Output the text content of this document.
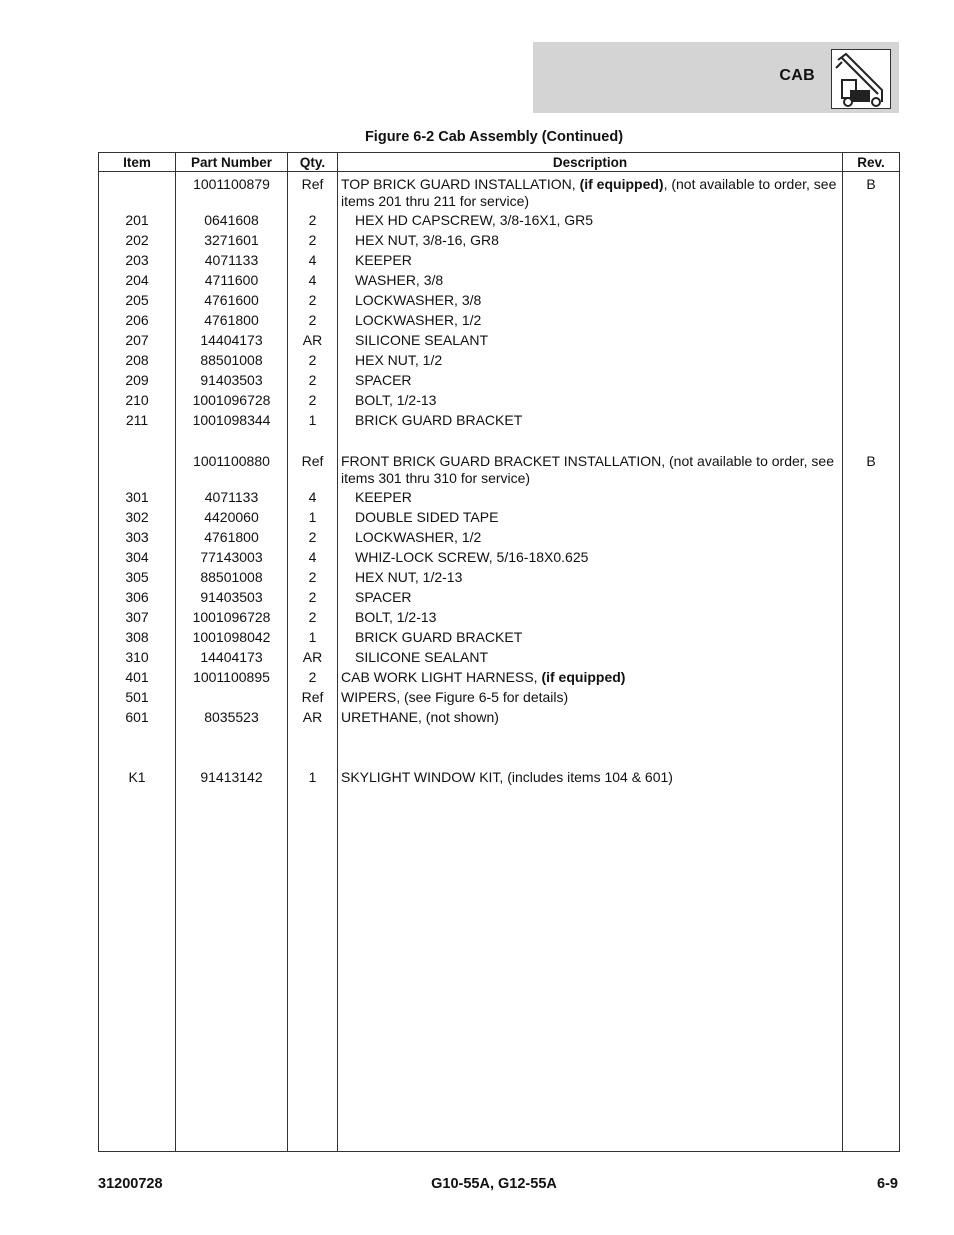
CAB
Figure 6-2 Cab Assembly (Continued)
Item	Part Number	Qty.	Description	Rev.
	1001100879	Ref	TOP BRICK GUARD INSTALLATION, (if equipped), (not available to order, see items 201 thru 211 for service)	B
201	0641608	2	HEX HD CAPSCREW, 3/8-16X1, GR5	
202	3271601	2	HEX NUT, 3/8-16, GR8	
203	4071133	4	KEEPER	
204	4711600	4	WASHER, 3/8	
205	4761600	2	LOCKWASHER, 3/8	
206	4761800	2	LOCKWASHER, 1/2	
207	14404173	AR	SILICONE SEALANT	
208	88501008	2	HEX NUT, 1/2	
209	91403503	2	SPACER	
210	1001096728	2	BOLT, 1/2-13	
211	1001098344	1	BRICK GUARD BRACKET	

	1001100880	Ref	FRONT BRICK GUARD BRACKET INSTALLATION, (not available to order, see items 301 thru 310 for service)	B
301	4071133	4	KEEPER	
302	4420060	1	DOUBLE SIDED TAPE	
303	4761800	2	LOCKWASHER, 1/2	
304	77143003	4	WHIZ-LOCK SCREW, 5/16-18X0.625	
305	88501008	2	HEX NUT, 1/2-13	
306	91403503	2	SPACER	
307	1001096728	2	BOLT, 1/2-13	
308	1001098042	1	BRICK GUARD BRACKET	
310	14404173	AR	SILICONE SEALANT	
401	1001100895	2	CAB WORK LIGHT HARNESS, (if equipped)	
501		Ref	WIPERS, (see Figure 6-5 for details)	
601	8035523	AR	URETHANE, (not shown)	

K1	91413142	1	SKYLIGHT WINDOW KIT, (includes items 104 & 601)	

31200728	G10-55A, G12-55A	6-9
